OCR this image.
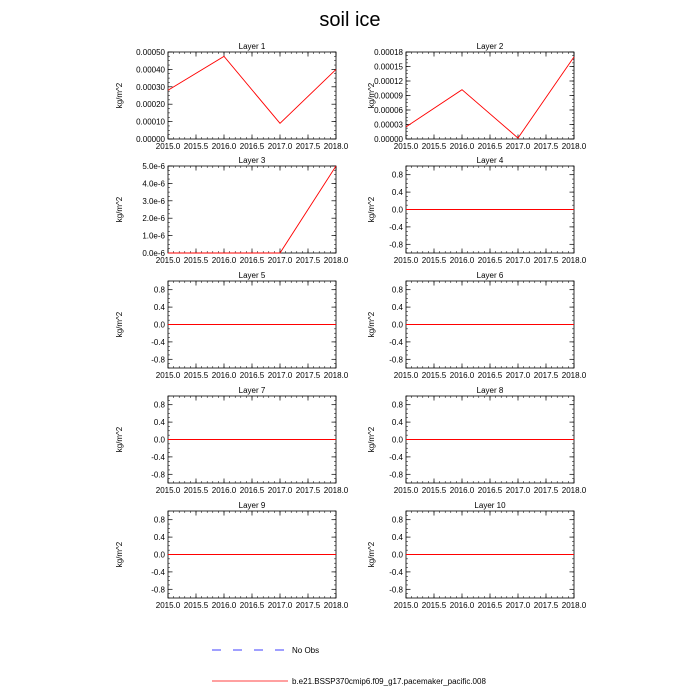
soil ice
Layer 1
2015.0 2015.5 2016.0 2016.5 2017.0 2017.5 2018.0
0.00000
0.00010
0.00020
0.00030
0.00040
0.00050
kg/m^2
Layer 2
2015.0 2015.5 2016.0 2016.5 2017.0 2017.5 2018.0
0.00000
0.00003
0.00006
0.00009
0.00012
0.00015
0.00018
kg/m^2
Layer 3
2015.0 2015.5 2016.0 2016.5 2017.0 2017.5 2018.0
0.0e-6
1.0e-6
2.0e-6
3.0e-6
4.0e-6
5.0e-6
kg/m^2
Layer 4
2015.0 2015.5 2016.0 2016.5 2017.0 2017.5 2018.0
-0.8
-0.4
0.0
0.4
0.8
kg/m^2
Layer 5
2015.0 2015.5 2016.0 2016.5 2017.0 2017.5 2018.0
-0.8
-0.4
0.0
0.4
0.8
kg/m^2
Layer 6
2015.0 2015.5 2016.0 2016.5 2017.0 2017.5 2018.0
-0.8
-0.4
0.0
0.4
0.8
kg/m^2
Layer 7
2015.0 2015.5 2016.0 2016.5 2017.0 2017.5 2018.0
-0.8
-0.4
0.0
0.4
0.8
kg/m^2
Layer 8
2015.0 2015.5 2016.0 2016.5 2017.0 2017.5 2018.0
-0.8
-0.4
0.0
0.4
0.8
kg/m^2
Layer 9
2015.0 2015.5 2016.0 2016.5 2017.0 2017.5 2018.0
-0.8
-0.4
0.0
0.4
0.8
kg/m^2
Layer 10
2015.0 2015.5 2016.0 2016.5 2017.0 2017.5 2018.0
-0.8
-0.4
0.0
0.4
0.8
kg/m^2
No Obs
b.e21.BSSP370cmip6.f09_g17.pacemaker_pacific.008
